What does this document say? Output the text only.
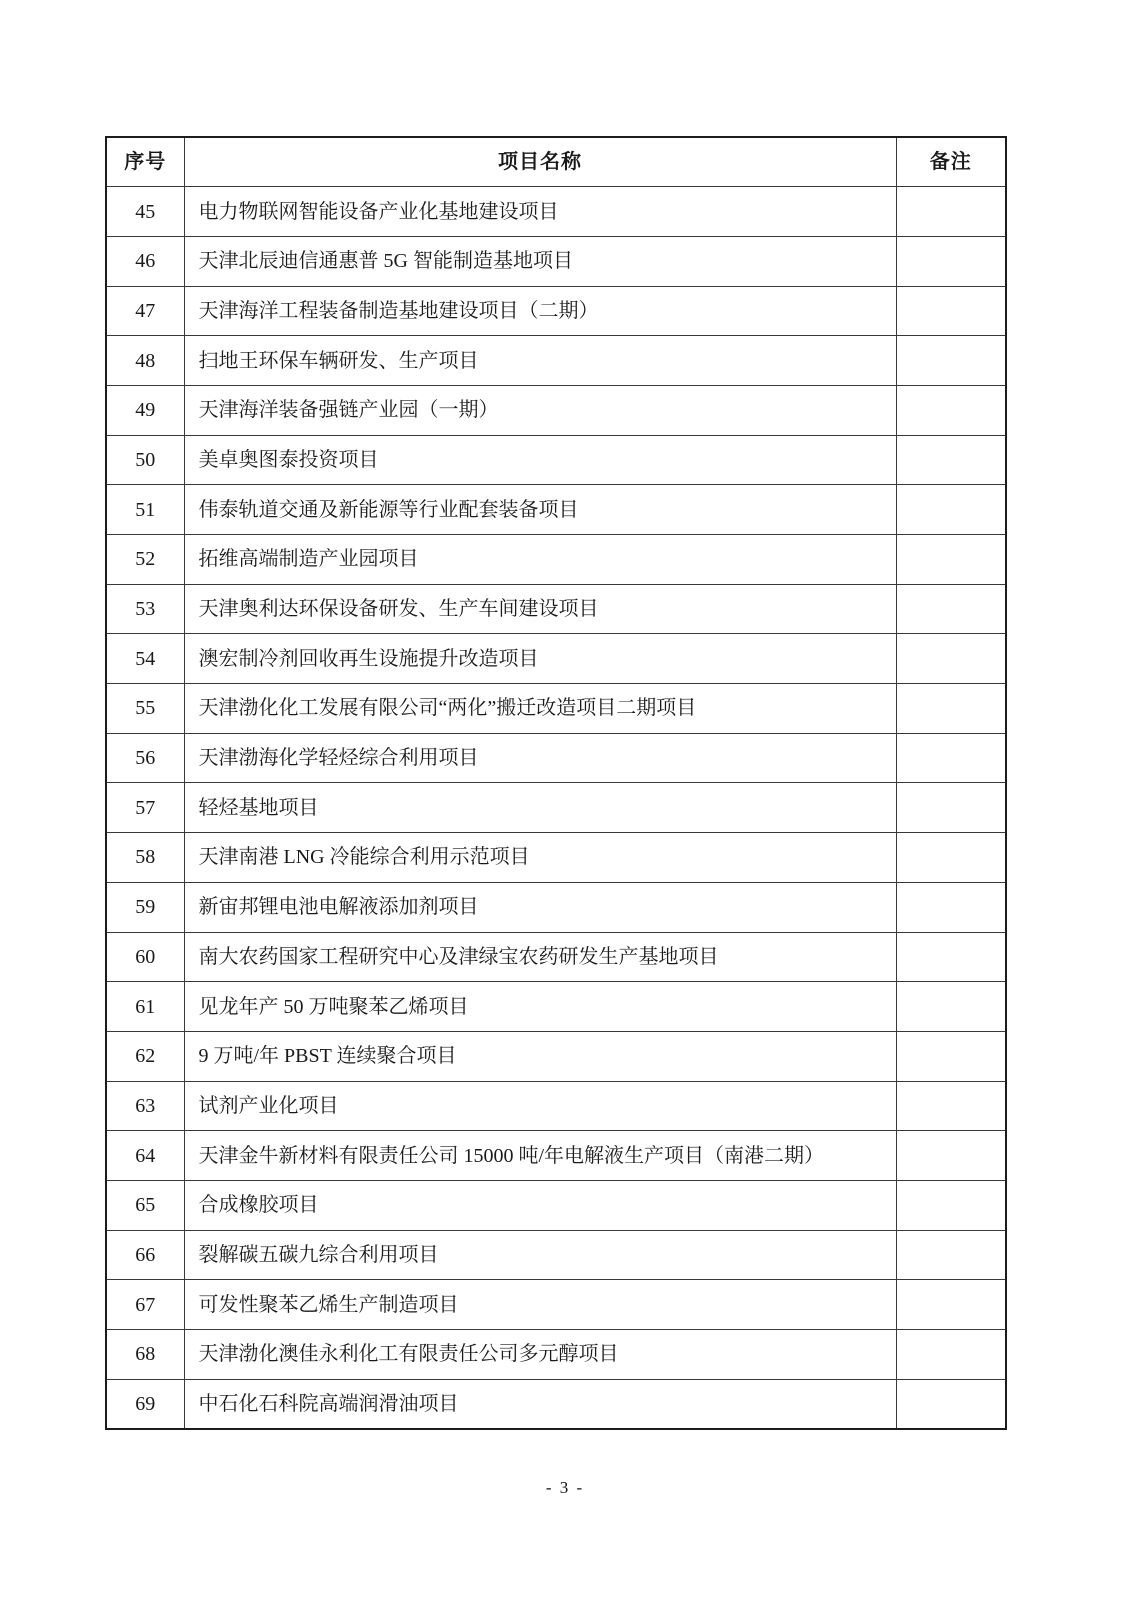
序号	项目名称	备注
45	电力物联网智能设备产业化基地建设项目	
46	天津北辰迪信通惠普 5G 智能制造基地项目	
47	天津海洋工程装备制造基地建设项目（二期）	
48	扫地王环保车辆研发、生产项目	
49	天津海洋装备强链产业园（一期）	
50	美卓奥图泰投资项目	
51	伟泰轨道交通及新能源等行业配套装备项目	
52	拓维高端制造产业园项目	
53	天津奥利达环保设备研发、生产车间建设项目	
54	澳宏制冷剂回收再生设施提升改造项目	
55	天津渤化化工发展有限公司“两化”搬迁改造项目二期项目	
56	天津渤海化学轻烃综合利用项目	
57	轻烃基地项目	
58	天津南港 LNG 冷能综合利用示范项目	
59	新宙邦锂电池电解液添加剂项目	
60	南大农药国家工程研究中心及津绿宝农药研发生产基地项目	
61	见龙年产 50 万吨聚苯乙烯项目	
62	9 万吨/年 PBST 连续聚合项目	
63	试剂产业化项目	
64	天津金牛新材料有限责任公司 15000 吨/年电解液生产项目（南港二期）	
65	合成橡胶项目	
66	裂解碳五碳九综合利用项目	
67	可发性聚苯乙烯生产制造项目	
68	天津渤化澳佳永利化工有限责任公司多元醇项目	
69	中石化石科院高端润滑油项目	
- 3 -
